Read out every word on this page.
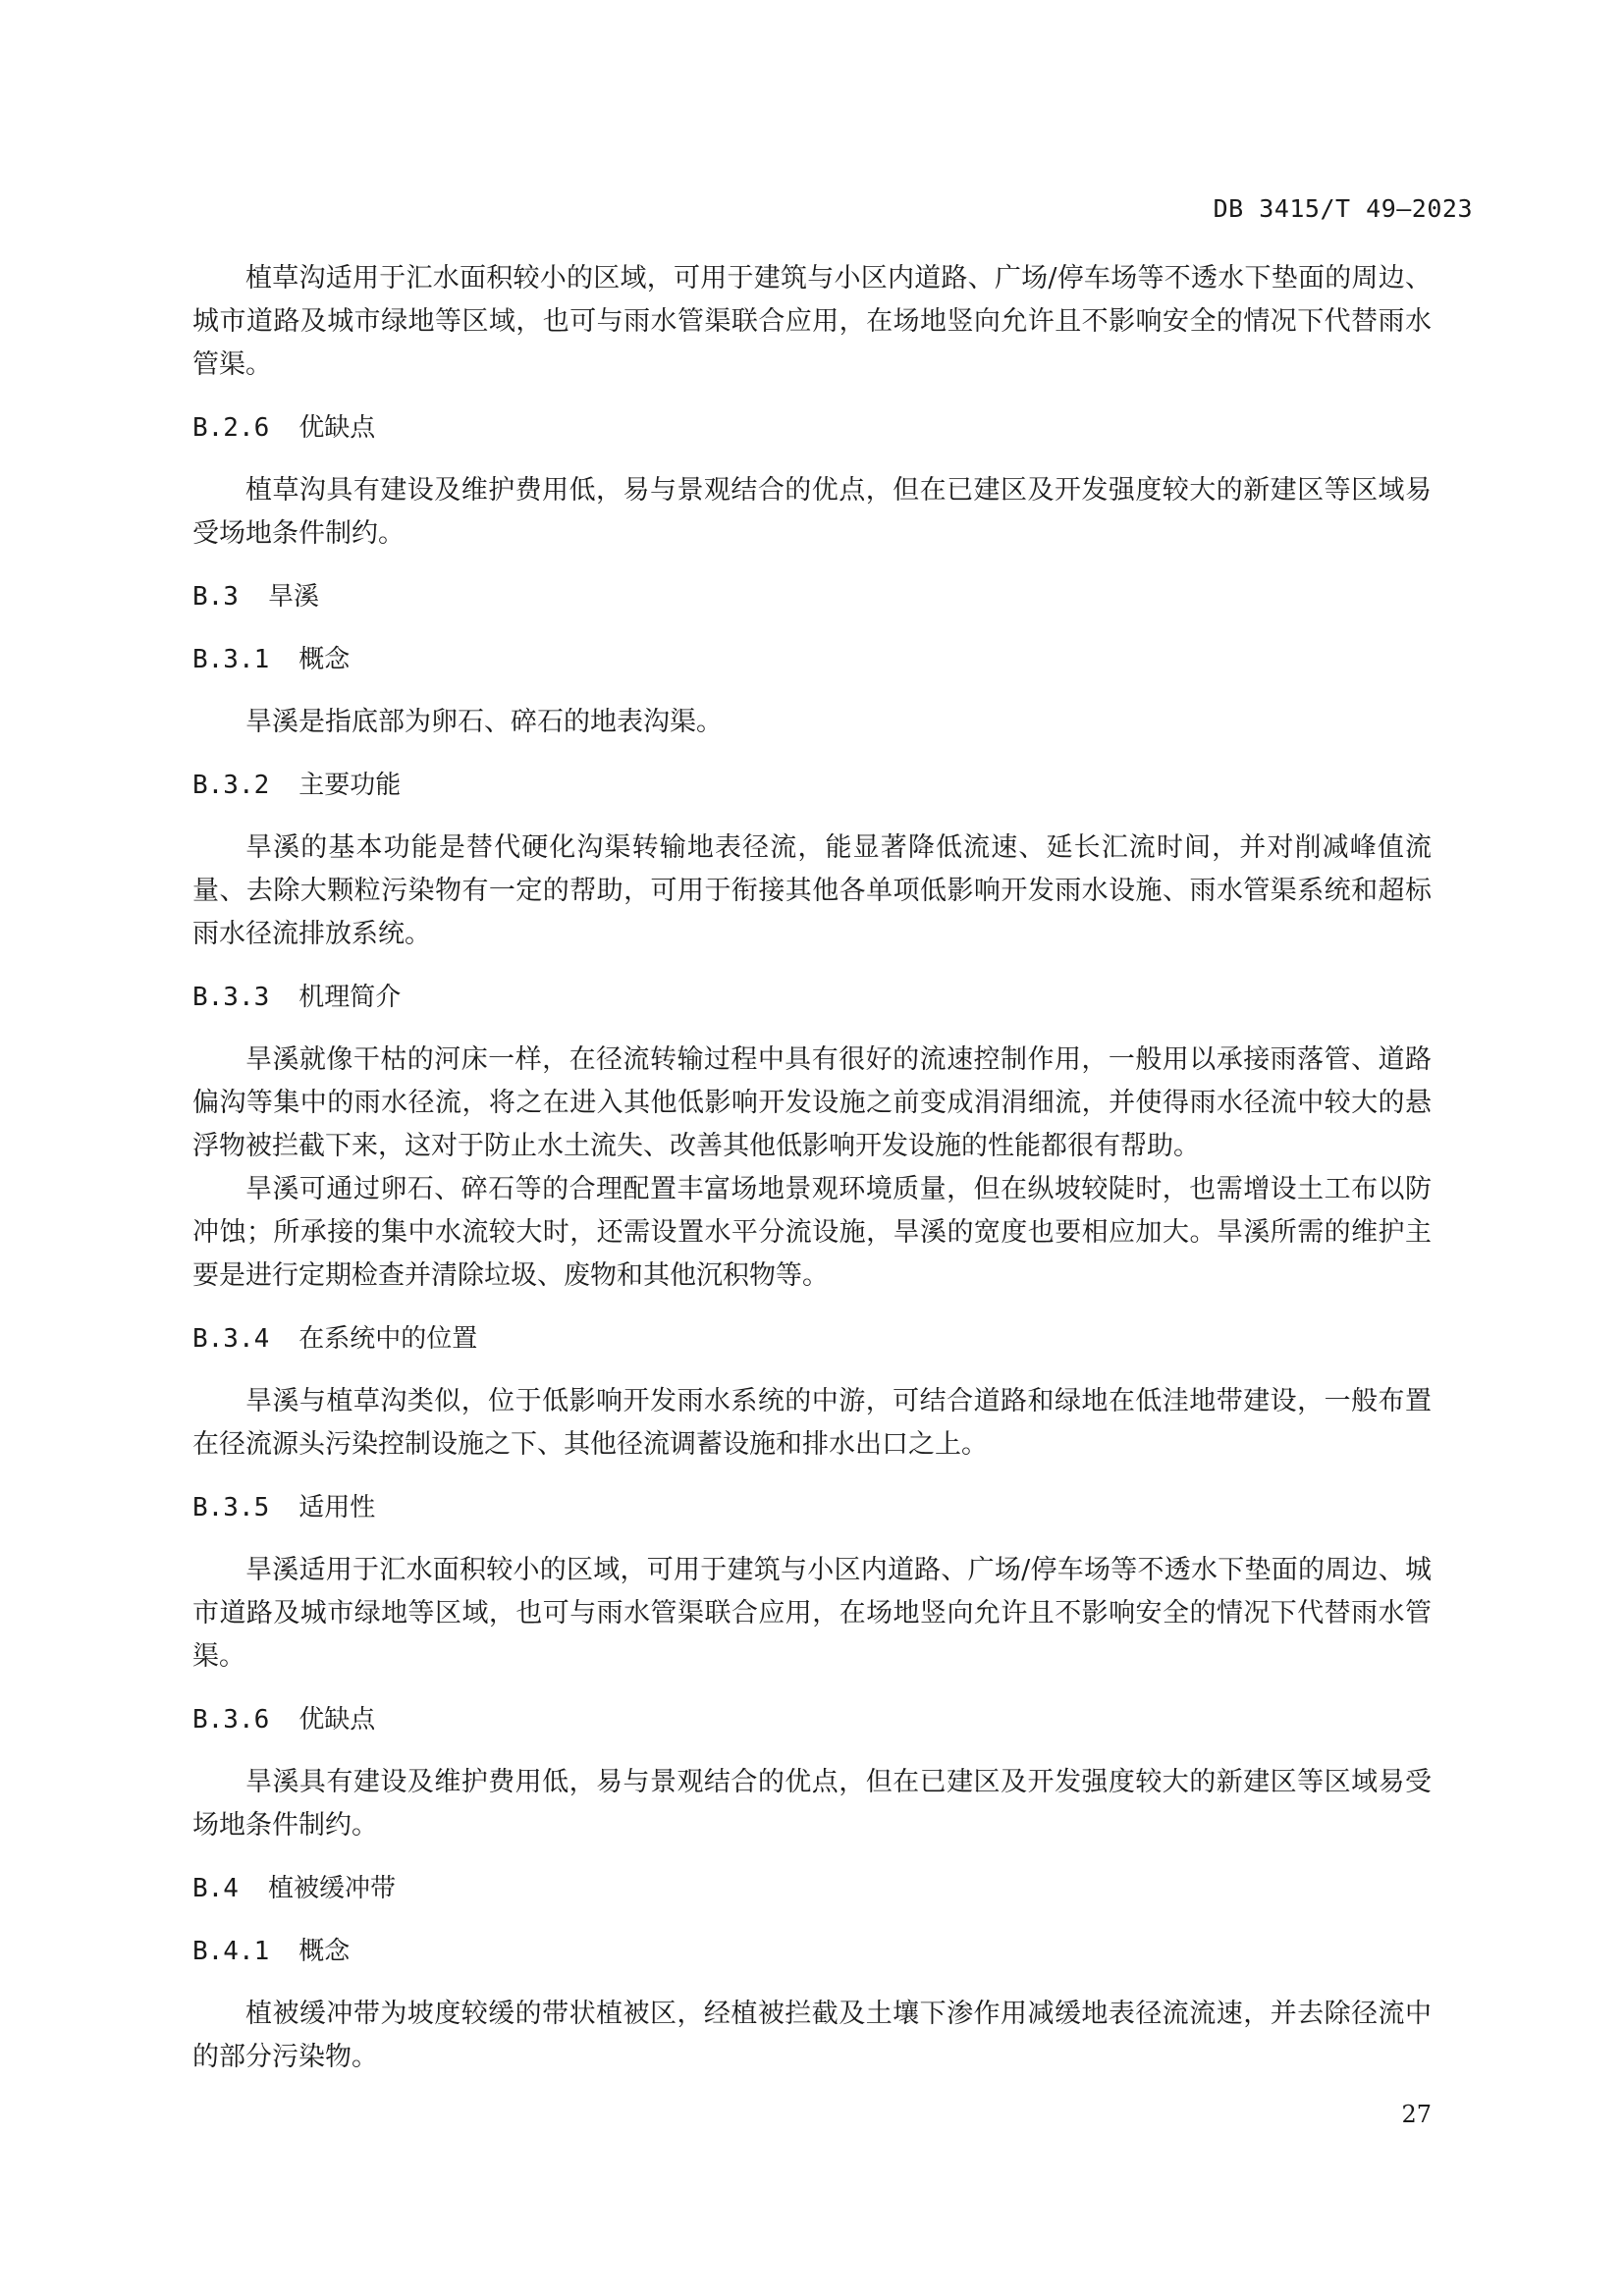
DB 3415/T 49—2023

植草沟适用于汇水面积较小的区域，可用于建筑与小区内道路、广场/停车场等不透水下垫面的周边、城市道路及城市绿地等区域，也可与雨水管渠联合应用，在场地竖向允许且不影响安全的情况下代替雨水管渠。

B.2.6 优缺点

植草沟具有建设及维护费用低，易与景观结合的优点，但在已建区及开发强度较大的新建区等区域易受场地条件制约。

B.3 旱溪
B.3.1 概念

旱溪是指底部为卵石、碎石的地表沟渠。

B.3.2 主要功能

旱溪的基本功能是替代硬化沟渠转输地表径流，能显著降低流速、延长汇流时间，并对削减峰值流量、去除大颗粒污染物有一定的帮助，可用于衔接其他各单项低影响开发雨水设施、雨水管渠系统和超标雨水径流排放系统。

B.3.3 机理简介

旱溪就像干枯的河床一样，在径流转输过程中具有很好的流速控制作用，一般用以承接雨落管、道路偏沟等集中的雨水径流，将之在进入其他低影响开发设施之前变成涓涓细流，并使得雨水径流中较大的悬浮物被拦截下来，这对于防止水土流失、改善其他低影响开发设施的性能都很有帮助。

旱溪可通过卵石、碎石等的合理配置丰富场地景观环境质量，但在纵坡较陡时，也需增设土工布以防冲蚀；所承接的集中水流较大时，还需设置水平分流设施，旱溪的宽度也要相应加大。旱溪所需的维护主要是进行定期检查并清除垃圾、废物和其他沉积物等。

B.3.4 在系统中的位置

旱溪与植草沟类似，位于低影响开发雨水系统的中游，可结合道路和绿地在低洼地带建设，一般布置在径流源头污染控制设施之下、其他径流调蓄设施和排水出口之上。

B.3.5 适用性

旱溪适用于汇水面积较小的区域，可用于建筑与小区内道路、广场/停车场等不透水下垫面的周边、城市道路及城市绿地等区域，也可与雨水管渠联合应用，在场地竖向允许且不影响安全的情况下代替雨水管渠。

B.3.6 优缺点

旱溪具有建设及维护费用低，易与景观结合的优点，但在已建区及开发强度较大的新建区等区域易受场地条件制约。

B.4 植被缓冲带
B.4.1 概念

植被缓冲带为坡度较缓的带状植被区，经植被拦截及土壤下渗作用减缓地表径流流速，并去除径流中的部分污染物。

27
